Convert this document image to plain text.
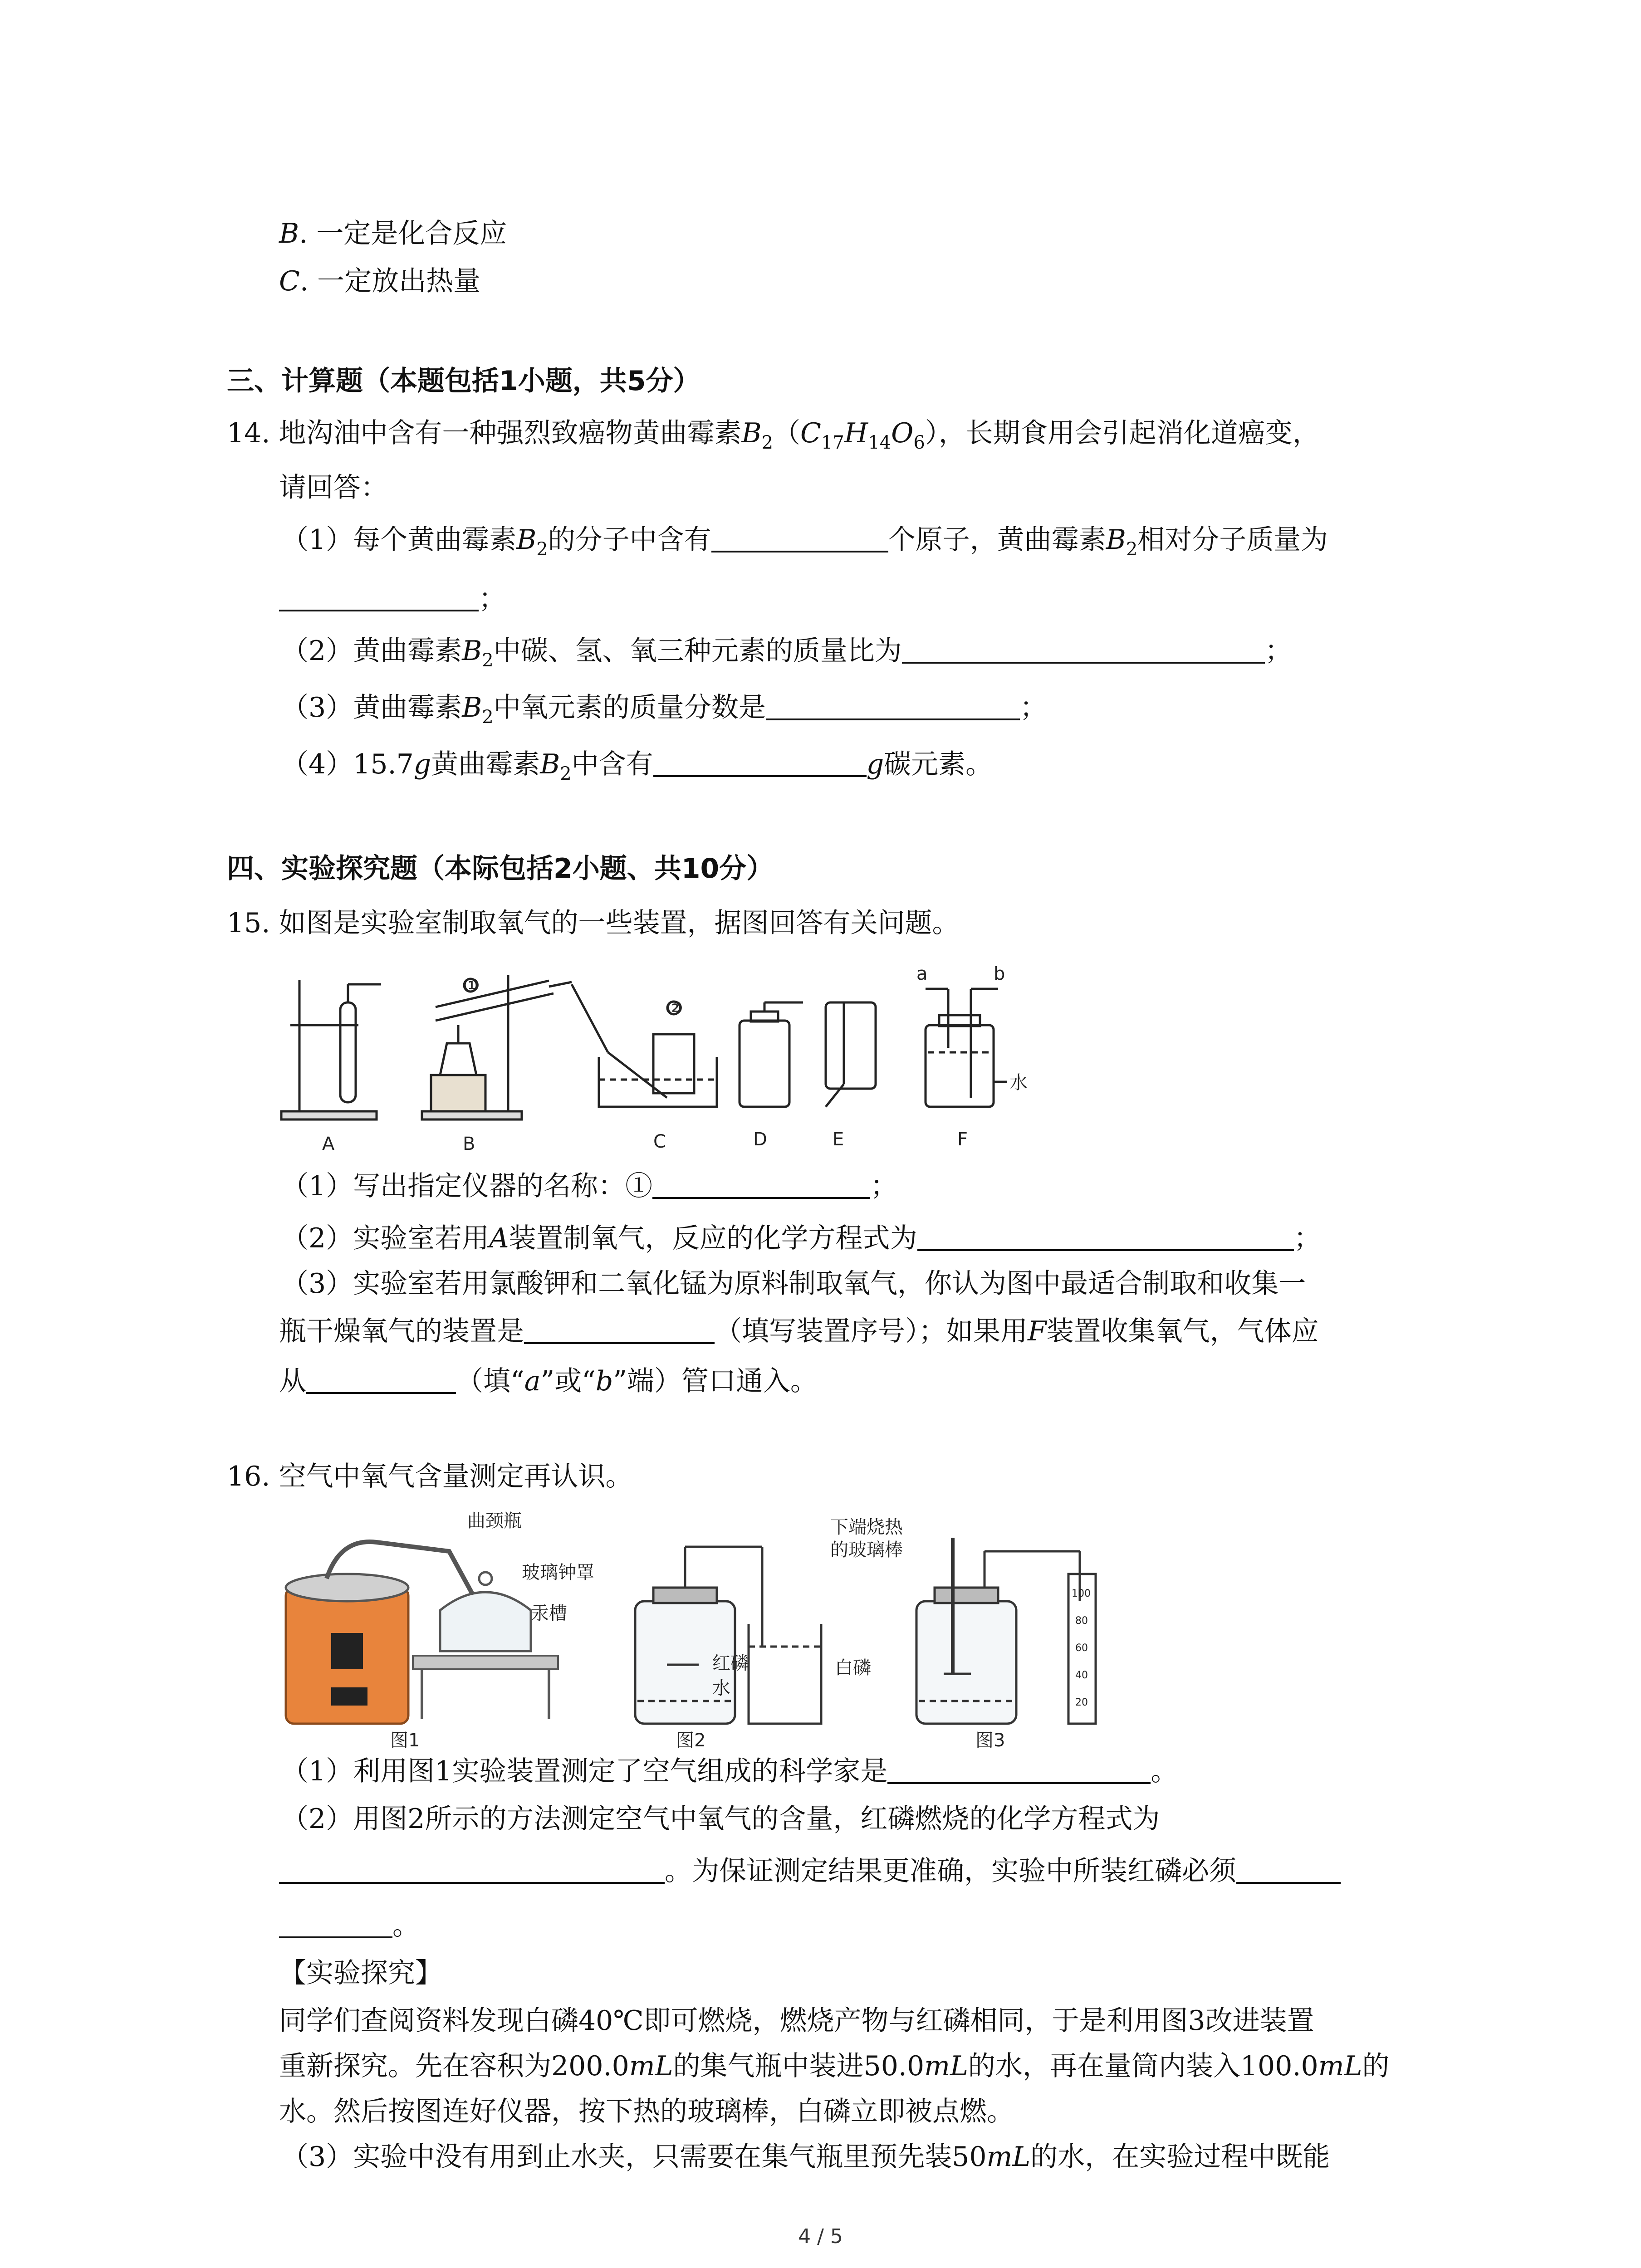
B. 一定是化合反应
C. 一定放出热量
三、计算题（本题包括1小题，共5分）
14. 地沟油中含有一种强烈致癌物黄曲霉素$B_2(C_{17}H_{14}O_6)$，长期食用会引起消化道癌变，
请回答：
（1）每个黄曲霉素$B_2$的分子中含有	个原子，黄曲霉素$B_2$相对分子质量为
；
（2）黄曲霉素$B_2$中碳、氢、氧三种元素的质量比为	；
（3）黄曲霉素$B_2$中氧元素的质量分数是	；
（4）15.7g黄曲霉素$B_2$中含有	g碳元素。
四、实验探究题（本际包括2小题、共10分）
15. 如图是实验室制取氧气的一些装置，据图回答有关问题。
A	B	C	D	E	F
①
②
a	b
水
（1）写出指定仪器的名称：①	；
（2）实验室若用A装置制氧气，反应的化学方程式为	；
（3）实验室若用氯酸钾和二氧化锰为原料制取氧气，你认为图中最适合制取和收集一
瓶干燥氧气的装置是	（填写装置序号）；如果用F装置收集氧气，气体应
从	（填“a”或“b”端）管口通入。
16. 空气中氧气含量测定再认识。
曲颈瓶
玻璃钟罩
汞槽
图1
红磷
水
图2
下端烧热
的玻璃棒
白磷
100
80
60
40
20
图3
（1）利用图1实验装置测定了空气组成的科学家是	。
（2）用图2所示的方法测定空气中氧气的含量，红磷燃烧的化学方程式为
。为保证测定结果更准确，实验中所装红磷必须
。
【实验探究】
同学们查阅资料发现白磷40℃即可燃烧，燃烧产物与红磷相同，于是利用图3改进装置
重新探究。先在容积为200.0mL的集气瓶中装进50.0mL的水，再在量筒内装入100.0mL的
水。然后按图连好仪器，按下热的玻璃棒，白磷立即被点燃。
（3）实验中没有用到止水夹，只需要在集气瓶里预先装50mL的水，在实验过程中既能
4 / 5
